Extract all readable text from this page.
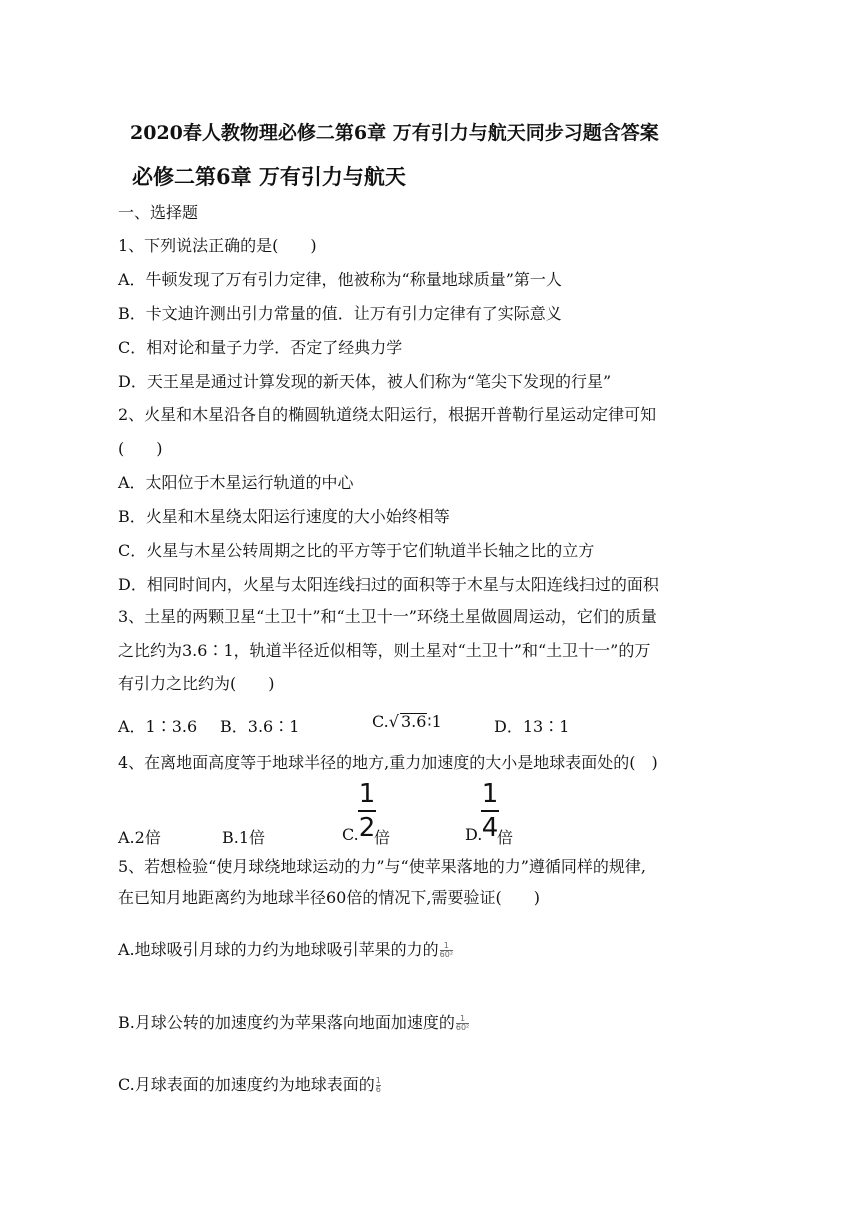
2020春人教物理必修二第6章 万有引力与航天同步习题含答案
必修二第6章 万有引力与航天
一、选择题
1、下列说法正确的是(　　)
A．牛顿发现了万有引力定律，他被称为“称量地球质量”第一人
B．卡文迪许测出引力常量的值．让万有引力定律有了实际意义
C．相对论和量子力学．否定了经典力学
D．天王星是通过计算发现的新天体，被人们称为“笔尖下发现的行星”
2、火星和木星沿各自的椭圆轨道绕太阳运行，根据开普勒行星运动定律可知
(　　)
A．太阳位于木星运行轨道的中心
B．火星和木星绕太阳运行速度的大小始终相等
C．火星与木星公转周期之比的平方等于它们轨道半长轴之比的立方
D．相同时间内，火星与太阳连线扫过的面积等于木星与太阳连线扫过的面积
3、土星的两颗卫星“土卫十”和“土卫十一”环绕土星做圆周运动，它们的质量
之比约为3.6∶1，轨道半径近似相等，则土星对“土卫十”和“土卫十一”的万
有引力之比约为(　　)
A．1∶3.6 B．3.6∶1	C.√ 3.6∶1	D．13∶1
4、在离地面高度等于地球半径的地方,重力加速度的大小是地球表面处的(　)
A.2倍	B.1倍	C.
1
2
倍	D.
1
4
倍
5、若想检验“使月球绕地球运动的力”与“使苹果落地的力”遵循同样的规律,
在已知月地距离约为地球半径60倍的情况下,需要验证(　　)
A.地球吸引月球的力约为地球吸引苹果的力的$\frac{1}{\text{60²}}$
B.月球公转的加速度约为苹果落向地面加速度的$\frac{1}{\text{60²}}$
C.月球表面的加速度约为地球表面的$\frac{1}{6}$
